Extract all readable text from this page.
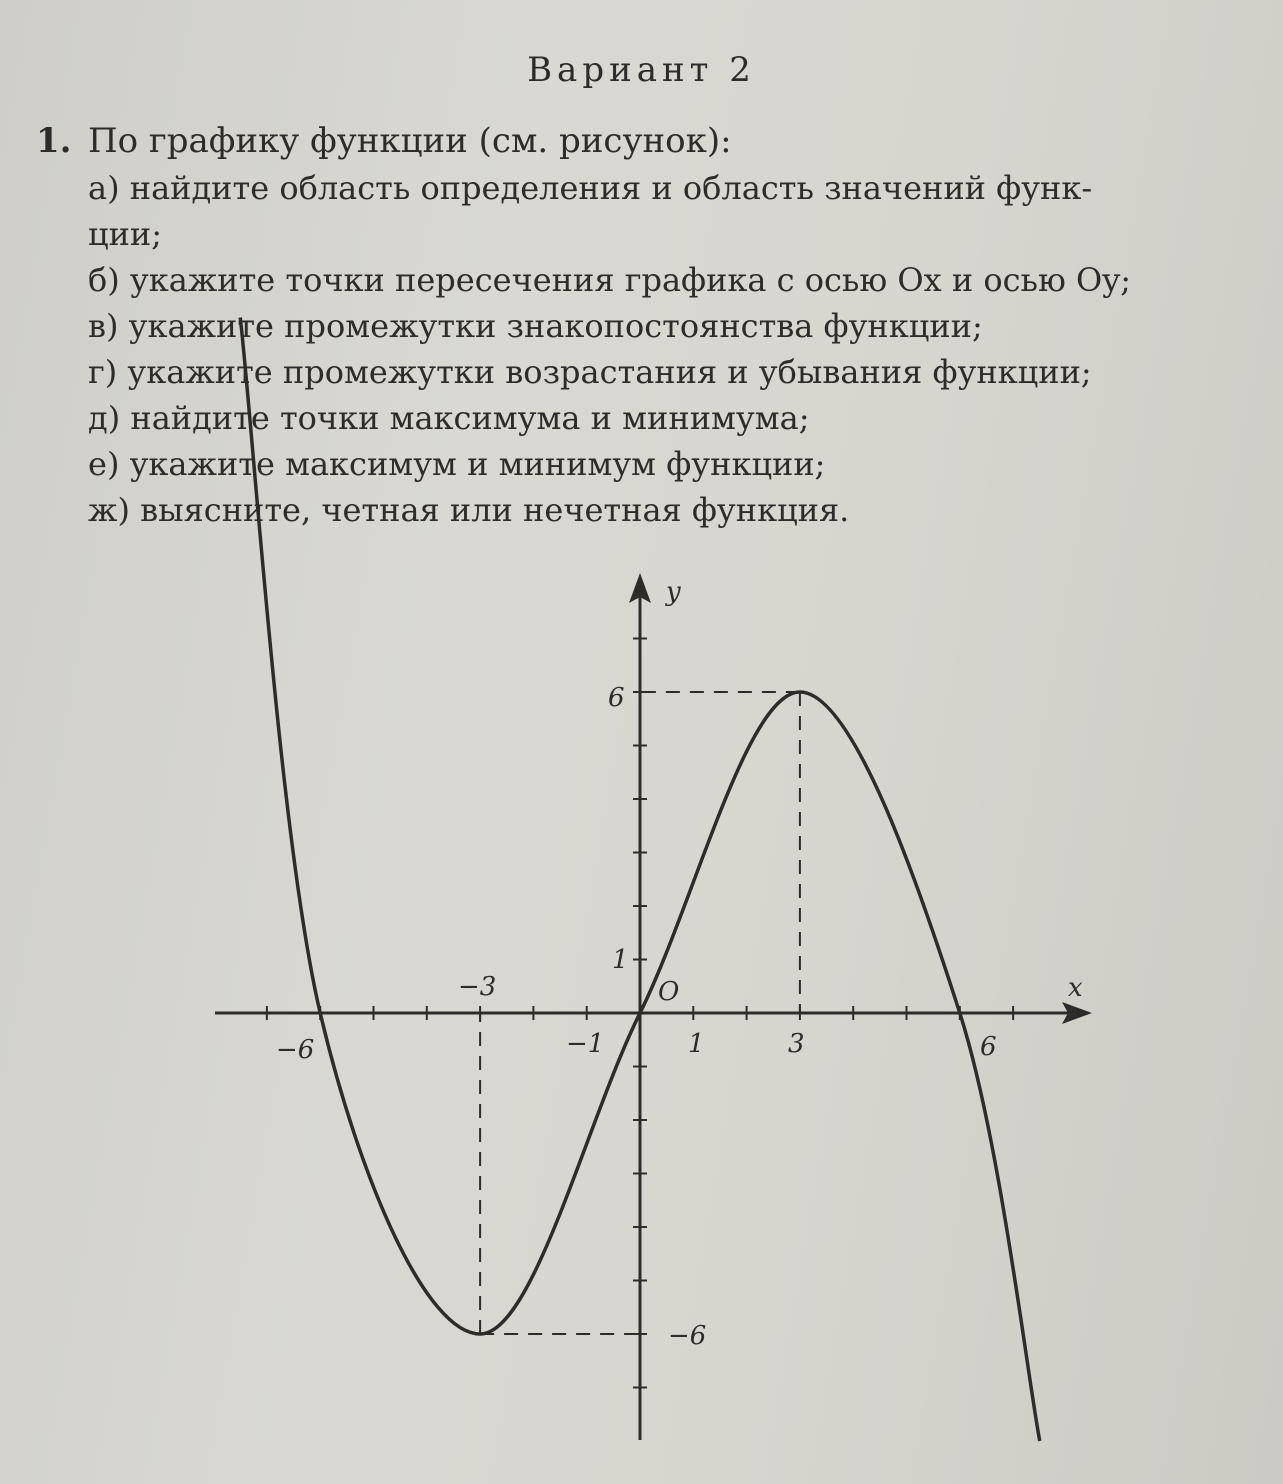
Вариант 2
1. По графику функции (см. рисунок):
а) найдите область определения и область значений функ-
ции;
б) укажите точки пересечения графика с осью Ox и осью Oy;
в) укажите промежутки знакопостоянства функции;
г) укажите промежутки возрастания и убывания функции;
д) найдите точки максимума и минимума;
е) укажите максимум и минимум функции;
ж) выясните, четная или нечетная функция.
x
y
O
−6
−3
−1	1	3	6
6
1
−6
